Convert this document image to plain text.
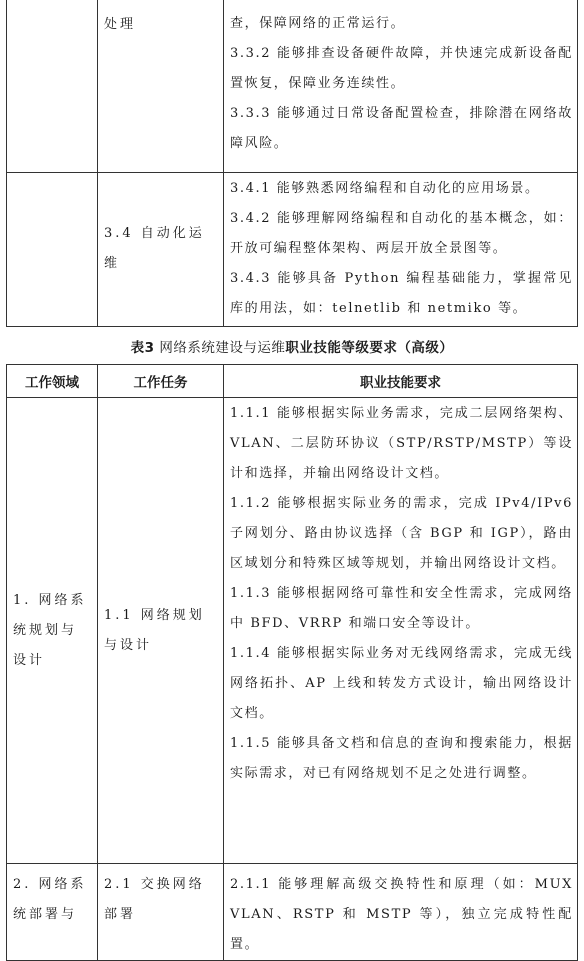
	处理	查，保障网络的正常运行。

3.3.2 能够排查设备硬件故障，并快速完成新设备配置恢复，保障业务连续性。

3.3.3 能够通过日常设备配置检查，排除潜在网络故障风险。

	3.4 自动化运维	3.4.1 能够熟悉网络编程和自动化的应用场景。

3.4.2 能够理解网络编程和自动化的基本概念，如：开放可编程整体架构、两层开放全景图等。

3.4.3 能够具备 Python 编程基础能力，掌握常见库的用法，如：telnetlib 和 netmiko 等。

表3 网络系统建设与运维职业技能等级要求（高级）
工作领域	工作任务	职业技能要求

1. 网络系统规划与设计	1.1 网络规划与设计	1.1.1 能够根据实际业务需求，完成二层网络架构、VLAN、二层防环协议（STP/RSTP/MSTP）等设计和选择，并输出网络设计文档。

1.1.2 能够根据实际业务的需求，完成 IPv4/IPv6 子网划分、路由协议选择（含 BGP 和 IGP），路由区域划分和特殊区域等规划，并输出网络设计文档。

1.1.3 能够根据网络可靠性和安全性需求，完成网络中 BFD、VRRP 和端口安全等设计。

1.1.4 能够根据实际业务对无线网络需求，完成无线网络拓扑、AP 上线和转发方式设计，输出网络设计文档。

1.1.5 能够具备文档和信息的查询和搜索能力，根据实际需求，对已有网络规划不足之处进行调整。

2. 网络系统部署与	2.1 交换网络部署	2.1.1 能够理解高级交换特性和原理（如：MUX VLAN、RSTP 和 MSTP 等），独立完成特性配置。
